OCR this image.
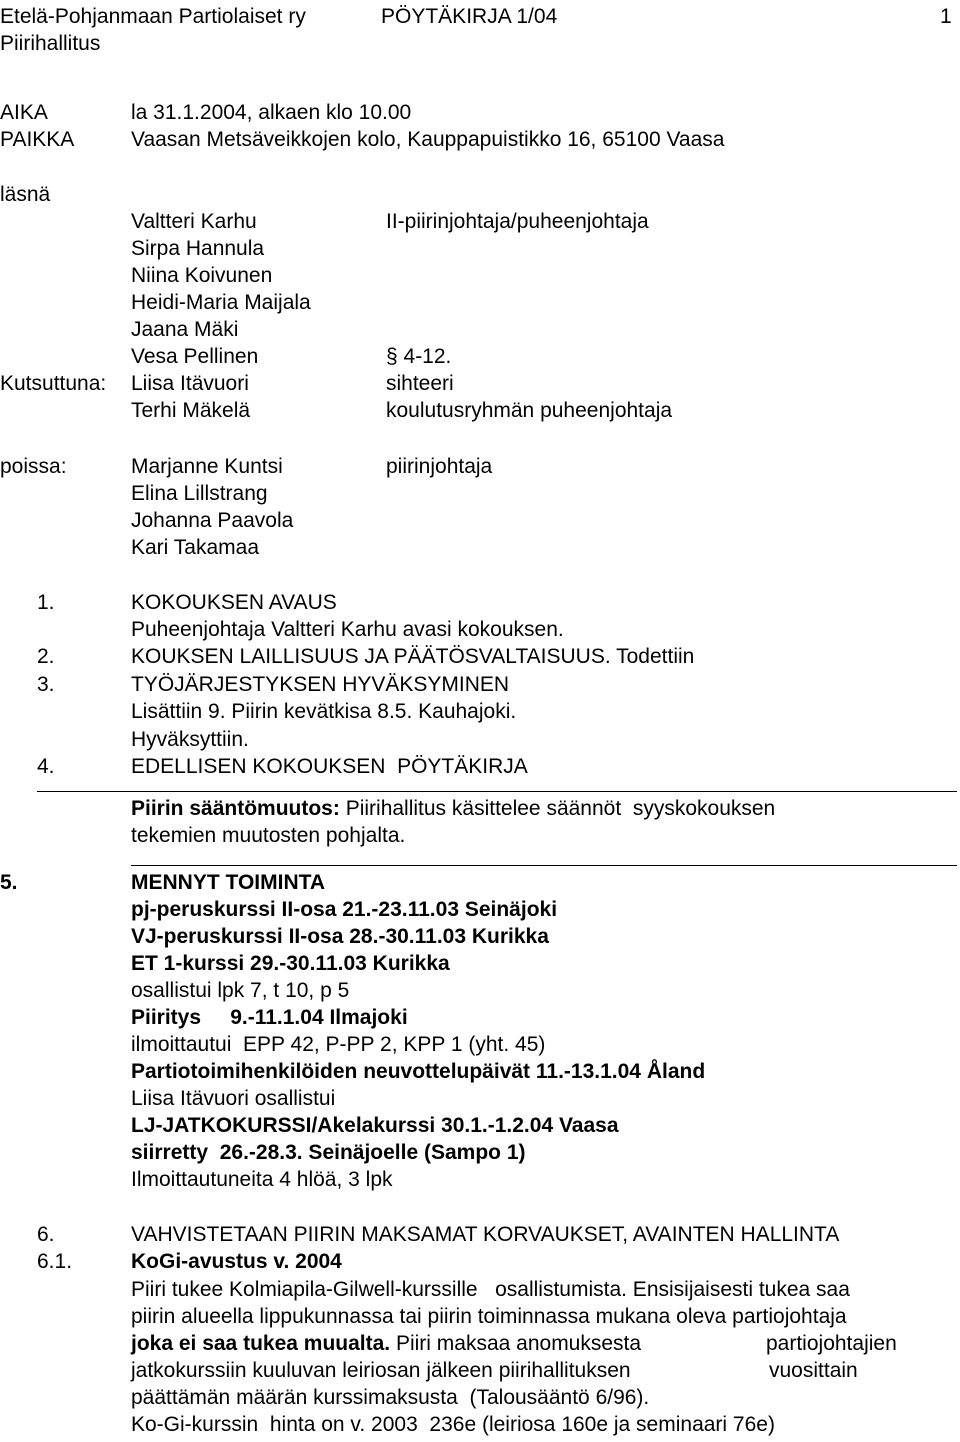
Etelä-Pohjanmaan Partiolaiset ry	PÖYTÄKIRJA 1/04	1
Piirihallitus
AIKA	la 31.1.2004, alkaen klo 10.00
PAIKKA	Vaasan Metsäveikkojen kolo, Kauppapuistikko 16, 65100 Vaasa
läsnä
Valtteri Karhu	II-piirinjohtaja/puheenjohtaja
Sirpa Hannula
Niina Koivunen
Heidi-Maria Maijala
Jaana Mäki
Vesa Pellinen	§ 4-12.
Kutsuttuna: Liisa Itävuori	sihteeri
Terhi Mäkelä	koulutusryhmän puheenjohtaja
poissa:	Marjanne Kuntsi	piirinjohtaja
Elina Lillstrang
Johanna Paavola
Kari Takamaa
1.	KOKOUKSEN AVAUS
Puheenjohtaja Valtteri Karhu avasi kokouksen.
2.	KOUKSEN LAILLISUUS JA PÄÄTÖSVALTAISUUS. Todettiin
3.	TYÖJÄRJESTYKSEN HYVÄKSYMINEN
Lisättiin 9. Piirin kevätkisa 8.5. Kauhajoki.
Hyväksyttiin.
4.	EDELLISEN KOKOUKSEN  PÖYTÄKIRJA
Piirin sääntömuutos: Piirihallitus käsittelee säännöt  syyskokouksen
tekemien muutosten pohjalta.
5.	MENNYT TOIMINTA
pj-peruskurssi II-osa 21.-23.11.03 Seinäjoki
VJ-peruskurssi II-osa 28.-30.11.03 Kurikka
ET 1-kurssi 29.-30.11.03 Kurikka
osallistui lpk 7, t 10, p 5
Piiritys     9.-11.1.04 Ilmajoki
ilmoittautui  EPP 42, P-PP 2, KPP 1 (yht. 45)
Partiotoimihenkilöiden neuvottelupäivät 11.-13.1.04 Åland
Liisa Itävuori osallistui
LJ-JATKOKURSSI/Akelakurssi 30.1.-1.2.04 Vaasa
siirretty  26.-28.3. Seinäjoelle (Sampo 1)
Ilmoittautuneita 4 hlöä, 3 lpk
6.	VAHVISTETAAN PIIRIN MAKSAMAT KORVAUKSET, AVAINTEN HALLINTA
6.1.	KoGi-avustus v. 2004
Piiri tukee Kolmiapila-Gilwell-kurssille   osallistumista. Ensisijaisesti tukea saa
piirin alueella lippukunnassa tai piirin toiminnassa mukana oleva partiojohtaja
joka ei saa tukea muualta. Piiri maksaa anomuksesta	partiojohtajien
jatkokurssiin kuuluvan leiriosan jälkeen piirihallituksen	vuosittain
päättämän määrän kurssimaksusta  (Talousääntö 6/96).
Ko-Gi-kurssin  hinta on v. 2003  236e (leiriosa 160e ja seminaari 76e)
